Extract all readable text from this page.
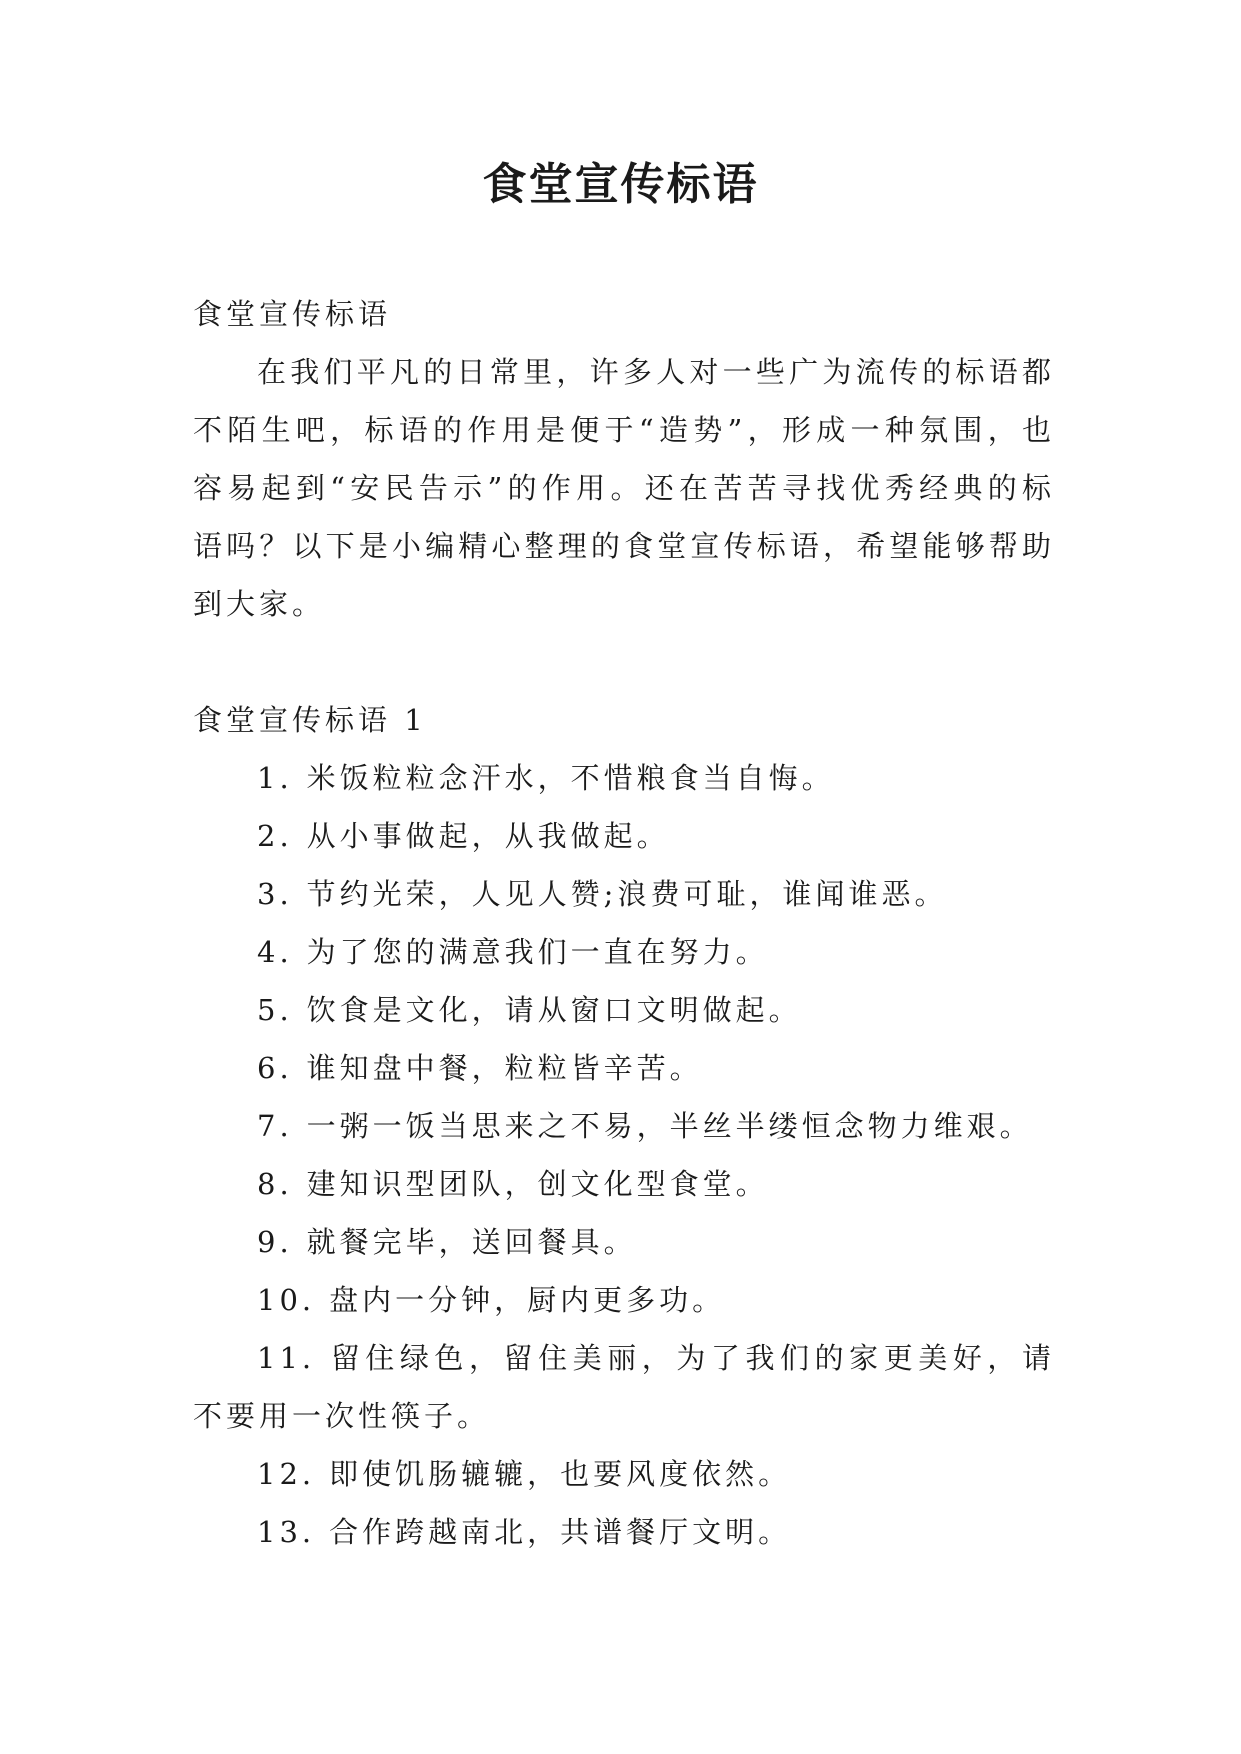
食堂宣传标语
食堂宣传标语
在我们平凡的日常里，许多人对一些广为流传的标语都不陌生吧，标语的作用是便于“造势”，形成一种氛围，也容易起到“安民告示”的作用。还在苦苦寻找优秀经典的标语吗？以下是小编精心整理的食堂宣传标语，希望能够帮助到大家。
食堂宣传标语 1
1. 米饭粒粒念汗水，不惜粮食当自悔。
2. 从小事做起，从我做起。
3. 节约光荣，人见人赞;浪费可耻，谁闻谁恶。
4. 为了您的满意我们一直在努力。
5. 饮食是文化，请从窗口文明做起。
6. 谁知盘中餐，粒粒皆辛苦。
7. 一粥一饭当思来之不易，半丝半缕恒念物力维艰。
8. 建知识型团队，创文化型食堂。
9. 就餐完毕，送回餐具。
10. 盘内一分钟，厨内更多功。
11. 留住绿色，留住美丽，为了我们的家更美好，请不要用一次性筷子。
12. 即使饥肠辘辘，也要风度依然。
13. 合作跨越南北，共谱餐厅文明。
